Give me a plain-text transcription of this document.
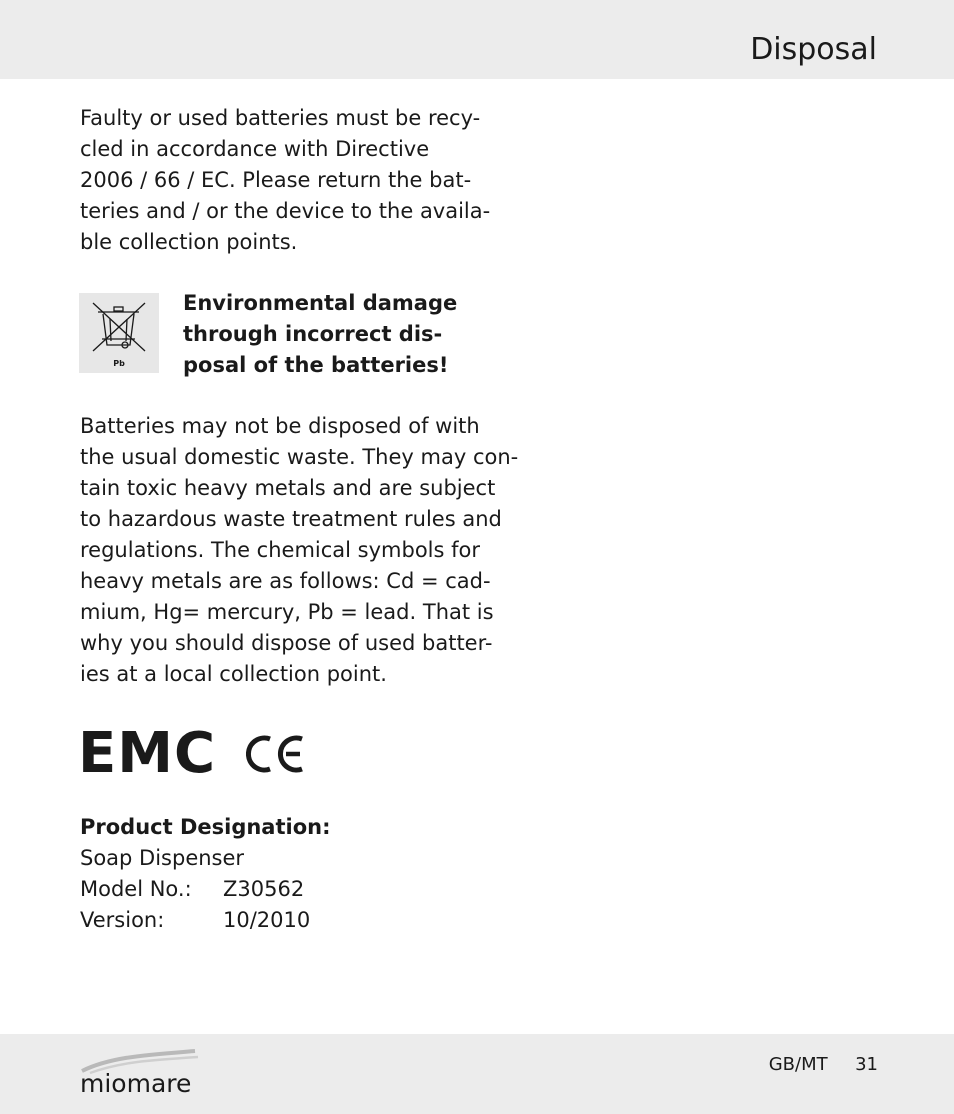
Disposal
Faulty or used batteries must be recy-
cled in accordance with Directive
2006 / 66 / EC. Please return the bat-
teries and / or the device to the availa-
ble collection points.
Pb
Environmental damage
through incorrect dis-
posal of the batteries!
Batteries may not be disposed of with
the usual domestic waste. They may con-
tain toxic heavy metals and are subject
to hazardous waste treatment rules and
regulations. The chemical symbols for
heavy metals are as follows: Cd = cad-
mium, Hg= mercury, Pb = lead. That is
why you should dispose of used batter-
ies at a local collection point.
EMC
Product Designation:
Soap Dispenser
Model No.: Z30562
Version:	10/2010
miomare
GB/MT 31
